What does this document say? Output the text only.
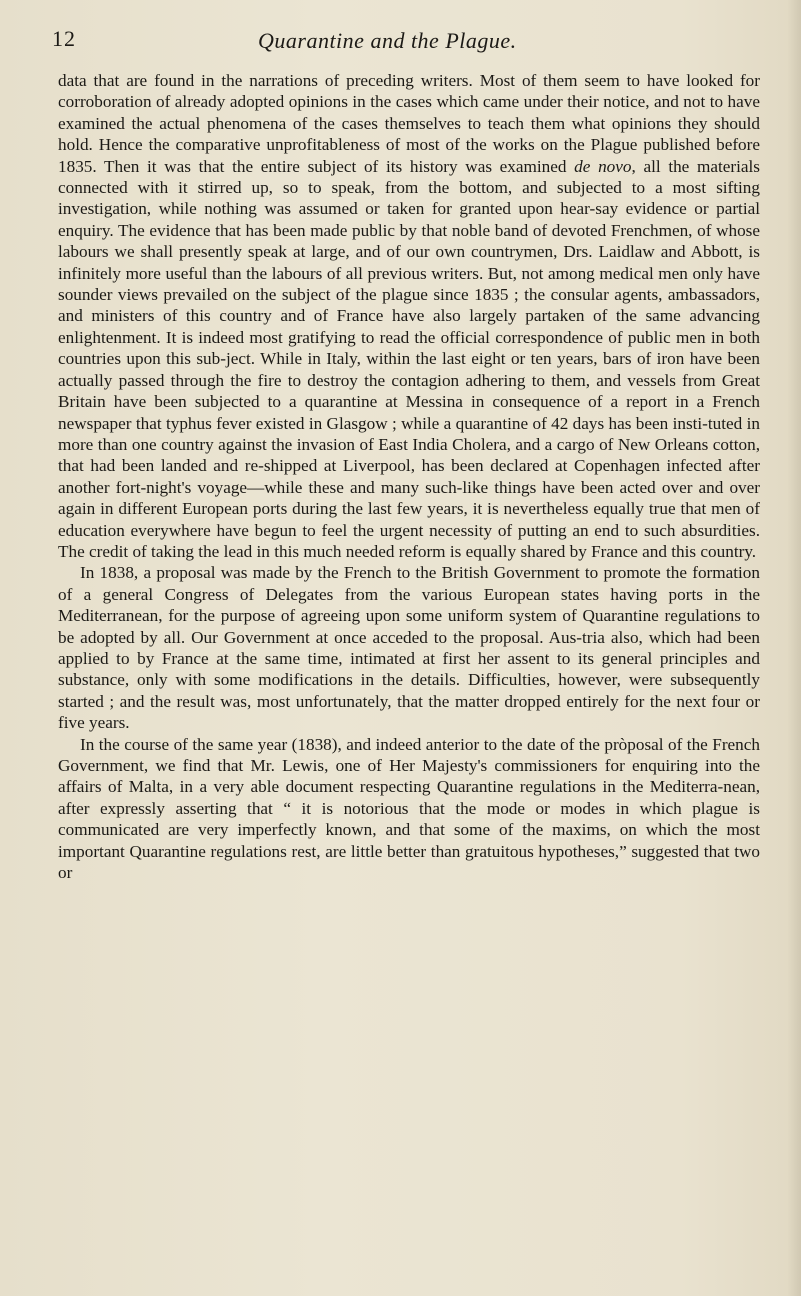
12	Quarantine and the Plague.

data that are found in the narrations of preceding writers. Most of them seem to have looked for corroboration of already adopted opinions in the cases which came under their notice, and not to have examined the actual phenomena of the cases themselves to teach them what opinions they should hold. Hence the comparative unprofitableness of most of the works on the Plague published before 1835. Then it was that the entire subject of its history was examined de novo, all the materials connected with it stirred up, so to speak, from the bottom, and subjected to a most sifting investigation, while nothing was assumed or taken for granted upon hear-say evidence or partial enquiry. The evidence that has been made public by that noble band of devoted Frenchmen, of whose labours we shall presently speak at large, and of our own countrymen, Drs. Laidlaw and Abbott, is infinitely more useful than the labours of all previous writers. But, not among medical men only have sounder views prevailed on the subject of the plague since 1835 ; the consular agents, ambassadors, and ministers of this country and of France have also largely partaken of the same advancing enlightenment. It is indeed most gratifying to read the official correspondence of public men in both countries upon this sub-ject. While in Italy, within the last eight or ten years, bars of iron have been actually passed through the fire to destroy the contagion adhering to them, and vessels from Great Britain have been subjected to a quarantine at Messina in consequence of a report in a French newspaper that typhus fever existed in Glasgow ; while a quarantine of 42 days has been insti-tuted in more than one country against the invasion of East India Cholera, and a cargo of New Orleans cotton, that had been landed and re-shipped at Liverpool, has been declared at Copenhagen infected after another fort-night's voyage—while these and many such-like things have been acted over and over again in different European ports during the last few years, it is nevertheless equally true that men of education everywhere have begun to feel the urgent necessity of putting an end to such absurdities. The credit of taking the lead in this much needed reform is equally shared by France and this country.

In 1838, a proposal was made by the French to the British Government to promote the formation of a general Congress of Delegates from the various European states having ports in the Mediterranean, for the purpose of agreeing upon some uniform system of Quarantine regulations to be adopted by all. Our Government at once acceded to the proposal. Aus-tria also, which had been applied to by France at the same time, intimated at first her assent to its general principles and substance, only with some modifications in the details. Difficulties, however, were subsequently started ; and the result was, most unfortunately, that the matter dropped entirely for the next four or five years.

In the course of the same year (1838), and indeed anterior to the date of the pròposal of the French Government, we find that Mr. Lewis, one of Her Majesty's commissioners for enquiring into the affairs of Malta, in a very able document respecting Quarantine regulations in the Mediterra-nean, after expressly asserting that “ it is notorious that the mode or modes in which plague is communicated are very imperfectly known, and that some of the maxims, on which the most important Quarantine regulations rest, are little better than gratuitous hypotheses,” suggested that two or
